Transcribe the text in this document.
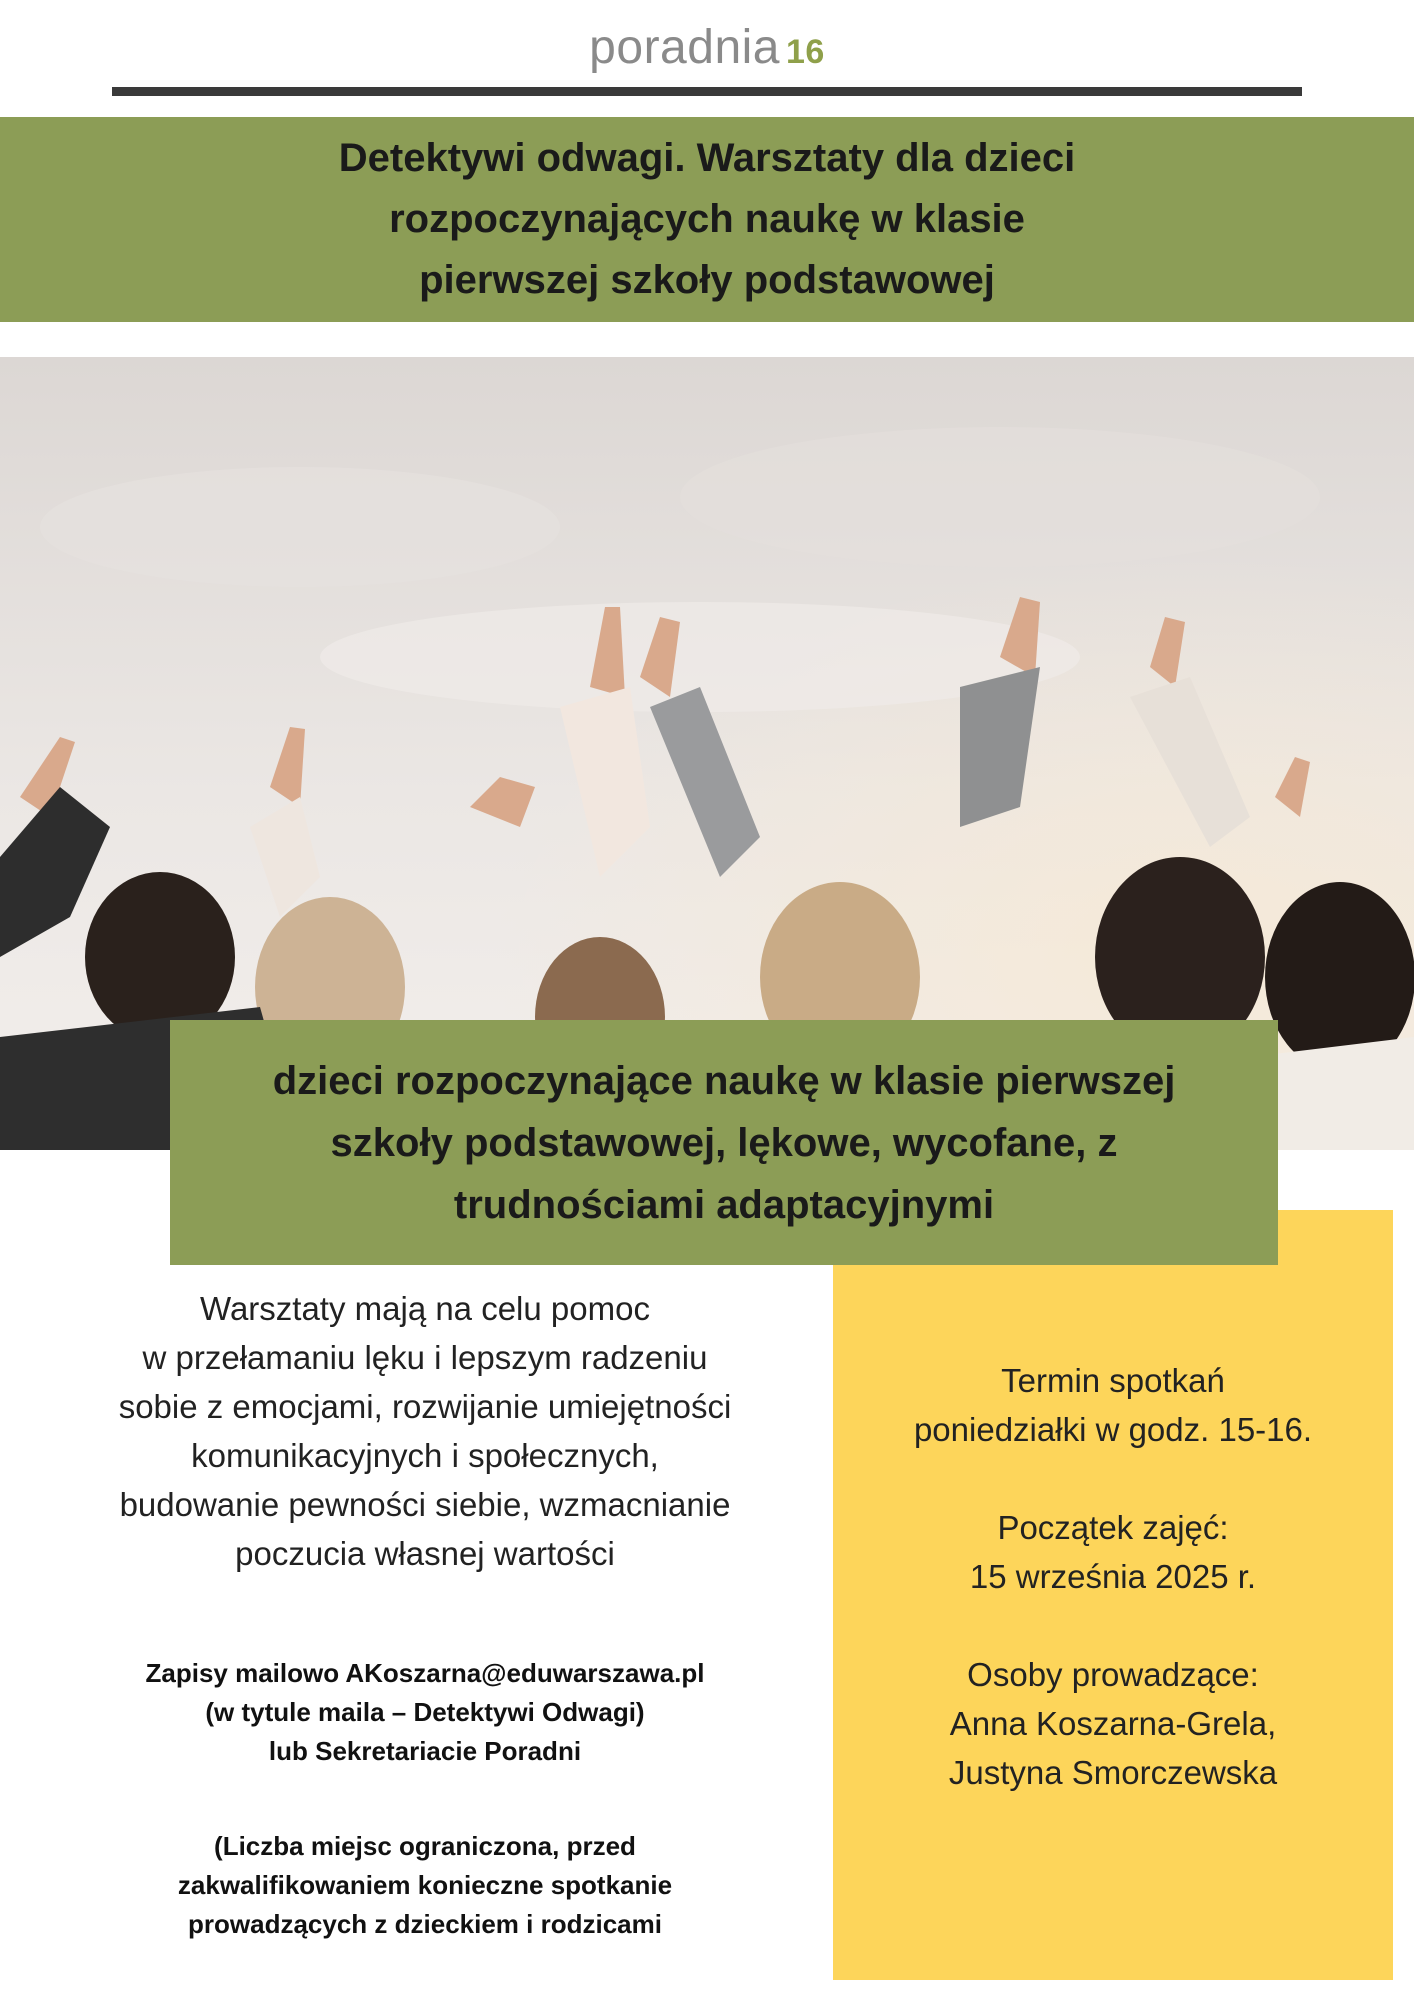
poradnia 16

Detektywi odwagi. Warsztaty dla dzieci

rozpoczynających naukę w klasie

pierwszej szkoły podstawowej

dzieci rozpoczynające naukę w klasie pierwszej

szkoły podstawowej, lękowe, wycofane, z

trudnościami adaptacyjnymi

Warsztaty mają na celu pomoc

w przełamaniu lęku i lepszym radzeniu

sobie z emocjami, rozwijanie umiejętności

komunikacyjnych i społecznych,

budowanie pewności siebie, wzmacnianie

poczucia własnej wartości

Termin spotkań

poniedziałki w godz. 15-16.

Początek zajęć:

15 września 2025 r.

Osoby prowadzące:

Anna Koszarna-Grela,

Justyna Smorczewska

Zapisy mailowo AKoszarna@eduwarszawa.pl

(w tytule maila – Detektywi Odwagi)

lub Sekretariacie Poradni

(Liczba miejsc ograniczona, przed

zakwalifikowaniem konieczne spotkanie

prowadzących z dzieckiem i rodzicami
